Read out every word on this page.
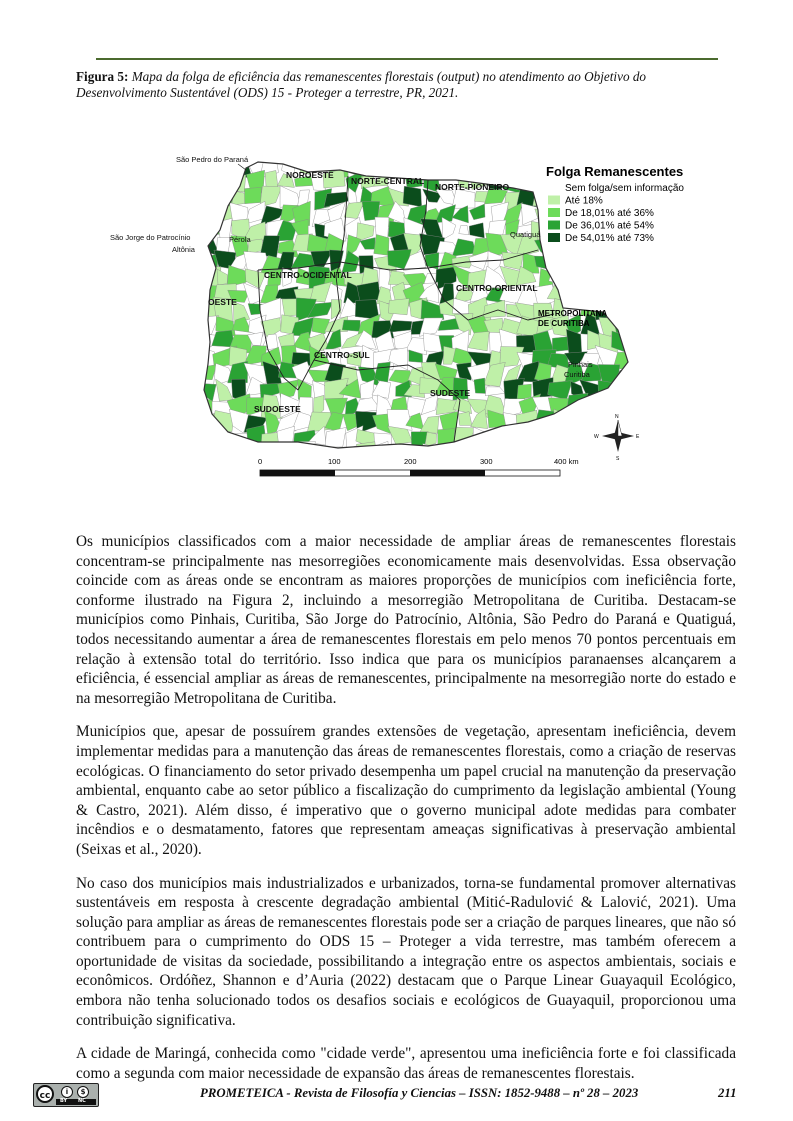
Figura 5: Mapa da folga de eficiência das remanescentes florestais (output) no atendimento ao Objetivo do Desenvolvimento Sustentável (ODS) 15 - Proteger a terrestre, PR, 2021.
NOROESTE
NORTE-CENTRAL
NORTE-PIONEIRO
CENTRO-OCIDENTAL
CENTRO-ORIENTAL
OESTE
CENTRO-SUL
SUDESTE
SUDOESTE
METROPOLITANA DE CURITIBA
São Pedro do Paraná
São Jorge do Patrocínio
Altônia
Pérola
Quatiguá
Pinhais
Curitiba
Folga Remanescentes
Sem folga/sem informação
Até 18%
De 18,01% até 36%
De 36,01% até 54%
De 54,01% até 73%
N
S
E
W
0	100	200	300	400 km

Os municípios classificados com a maior necessidade de ampliar áreas de remanescentes florestais concentram-se principalmente nas mesorregiões economicamente mais desenvolvidas. Essa observação coincide com as áreas onde se encontram as maiores proporções de municípios com ineficiência forte, conforme ilustrado na Figura 2, incluindo a mesorregião Metropolitana de Curitiba. Destacam-se municípios como Pinhais, Curitiba, São Jorge do Patrocínio, Altônia, São Pedro do Paraná e Quatiguá, todos necessitando aumentar a área de remanescentes florestais em pelo menos 70 pontos percentuais em relação à extensão total do território. Isso indica que para os municípios paranaenses alcançarem a eficiência, é essencial ampliar as áreas de remanescentes, principalmente na mesorregião norte do estado e na mesorregião Metropolitana de Curitiba.

Municípios que, apesar de possuírem grandes extensões de vegetação, apresentam ineficiência, devem implementar medidas para a manutenção das áreas de remanescentes florestais, como a criação de reservas ecológicas. O financiamento do setor privado desempenha um papel crucial na manutenção da preservação ambiental, enquanto cabe ao setor público a fiscalização do cumprimento da legislação ambiental (Young & Castro, 2021). Além disso, é imperativo que o governo municipal adote medidas para combater incêndios e o desmatamento, fatores que representam ameaças significativas à preservação ambiental (Seixas et al., 2020).

No caso dos municípios mais industrializados e urbanizados, torna-se fundamental promover alternativas sustentáveis em resposta à crescente degradação ambiental (Mitić-Radulović & Lalović, 2021). Uma solução para ampliar as áreas de remanescentes florestais pode ser a criação de parques lineares, que não só contribuem para o cumprimento do ODS 15 – Proteger a vida terrestre, mas também oferecem a oportunidade de visitas da sociedade, possibilitando a integração entre os aspectos ambientais, sociais e econômicos. Ordóñez, Shannon e d’Auria (2022) destacam que o Parque Linear Guayaquil Ecológico, embora não tenha solucionado todos os desafios sociais e ecológicos de Guayaquil, proporcionou uma contribuição significativa.

A cidade de Maringá, conhecida como "cidade verde", apresentou uma ineficiência forte e foi classificada como a segunda com maior necessidade de expansão das áreas de remanescentes florestais.

cc	i	$
BY NC
PROMETEICA - Revista de Filosofía y Ciencias – ISSN: 1852-9488 – nº 28 – 2023	211
